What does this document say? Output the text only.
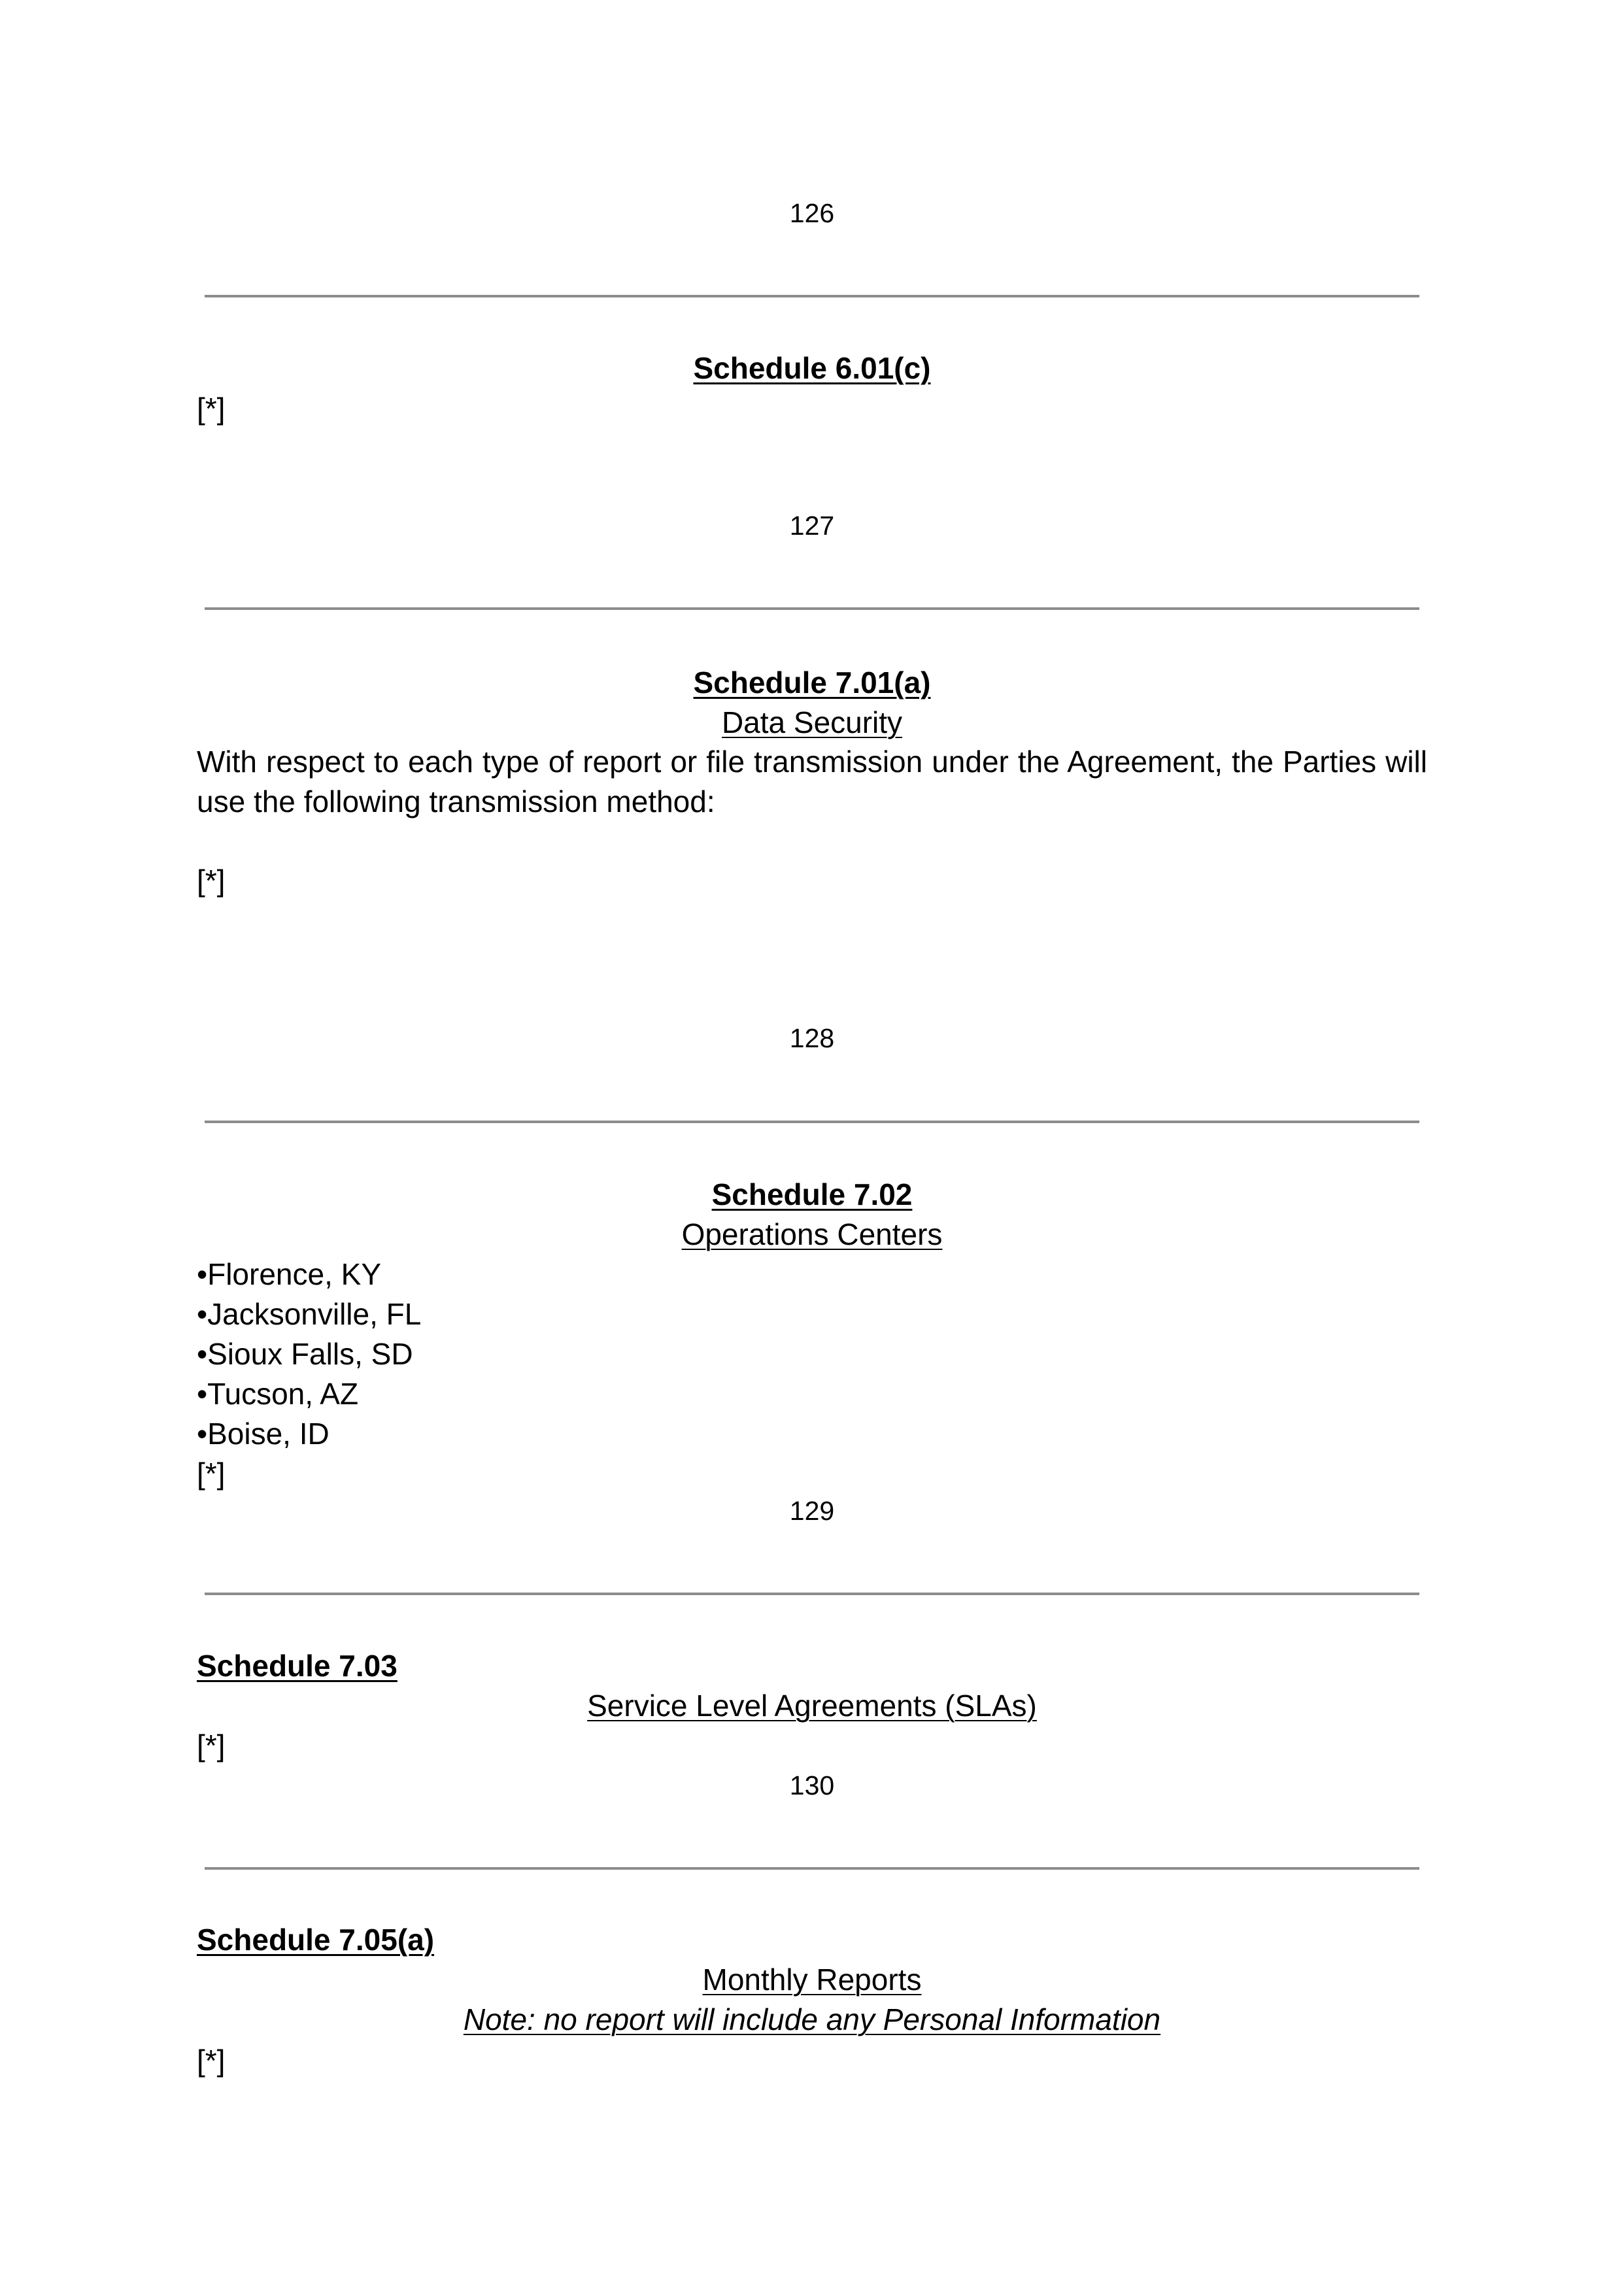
126
Schedule 6.01(c)
[*]
127
Schedule 7.01(a)
Data Security
With respect to each type of report or file transmission under the Agreement, the Parties will use the following transmission method:
[*]
128
Schedule 7.02
Operations Centers
•Florence, KY
•Jacksonville, FL
•Sioux Falls, SD
•Tucson, AZ
•Boise, ID
[*]
129
Schedule 7.03
Service Level Agreements (SLAs)
[*]
130
Schedule 7.05(a)
Monthly Reports
Note: no report will include any Personal Information
[*]
